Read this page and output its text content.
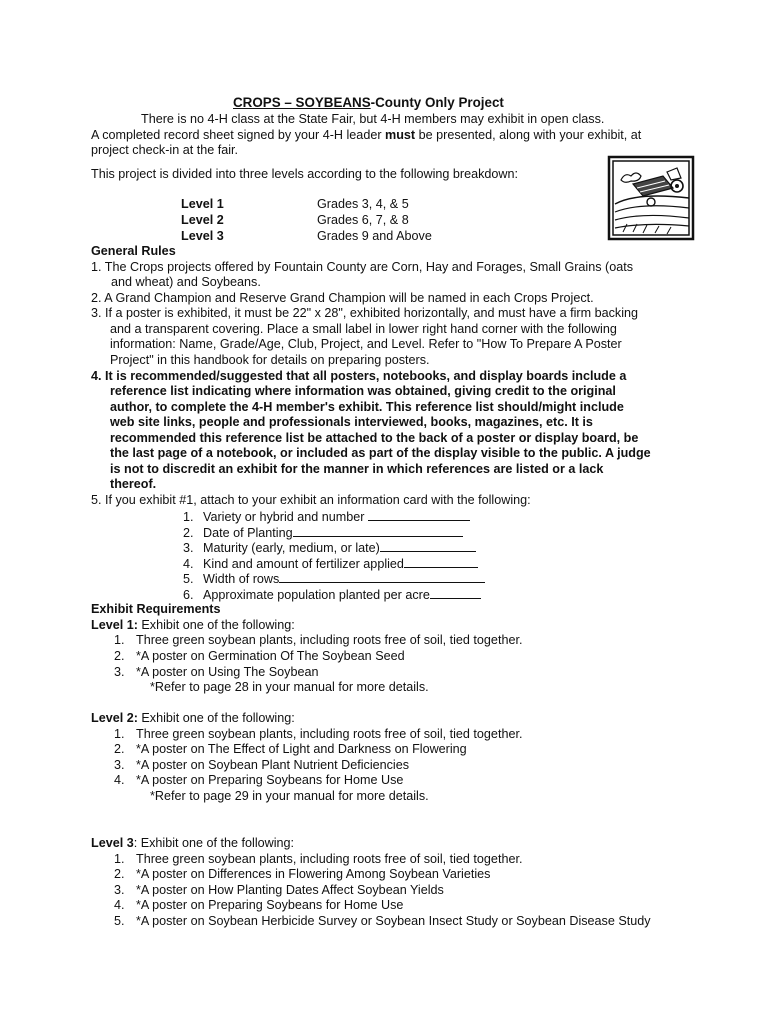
CROPS – SOYBEANS-County Only Project
There is no 4-H class at the State Fair, but 4-H members may exhibit in open class.
A completed record sheet signed by your 4-H leader must be presented, along with your exhibit, at
project check-in at the fair.
This project is divided into three levels according to the following breakdown:
Level 1	Grades 3, 4, & 5
Level 2	Grades 6, 7, & 8
Level 3	Grades 9 and Above
General Rules
1. The Crops projects offered by Fountain County are Corn, Hay and Forages, Small Grains (oats
and wheat) and Soybeans.
2. A Grand Champion and Reserve Grand Champion will be named in each Crops Project.
3. If a poster is exhibited, it must be 22" x 28", exhibited horizontally, and must have a firm backing
and a transparent covering. Place a small label in lower right hand corner with the following
information: Name, Grade/Age, Club, Project, and Level. Refer to "How To Prepare A Poster
Project" in this handbook for details on preparing posters.
4. It is recommended/suggested that all posters, notebooks, and display boards include a
reference list indicating where information was obtained, giving credit to the original
author, to complete the 4-H member's exhibit. This reference list should/might include
web site links, people and professionals interviewed, books, magazines, etc. It is
recommended this reference list be attached to the back of a poster or display board, be
the last page of a notebook, or included as part of the display visible to the public. A judge
is not to discredit an exhibit for the manner in which references are listed or a lack
thereof.
5. If you exhibit #1, attach to your exhibit an information card with the following:
1. Variety or hybrid and number
2. Date of Planting
3. Maturity (early, medium, or late)
4. Kind and amount of fertilizer applied
5. Width of rows
6. Approximate population planted per acre
Exhibit Requirements
Level 1: Exhibit one of the following:
1. Three green soybean plants, including roots free of soil, tied together.
2. *A poster on Germination Of The Soybean Seed
3. *A poster on Using The Soybean
*Refer to page 28 in your manual for more details.
Level 2: Exhibit one of the following:
1. Three green soybean plants, including roots free of soil, tied together.
2. *A poster on The Effect of Light and Darkness on Flowering
3. *A poster on Soybean Plant Nutrient Deficiencies
4. *A poster on Preparing Soybeans for Home Use
*Refer to page 29 in your manual for more details.
Level 3: Exhibit one of the following:
1. Three green soybean plants, including roots free of soil, tied together.
2. *A poster on Differences in Flowering Among Soybean Varieties
3. *A poster on How Planting Dates Affect Soybean Yields
4. *A poster on Preparing Soybeans for Home Use
5. *A poster on Soybean Herbicide Survey or Soybean Insect Study or Soybean Disease Study
